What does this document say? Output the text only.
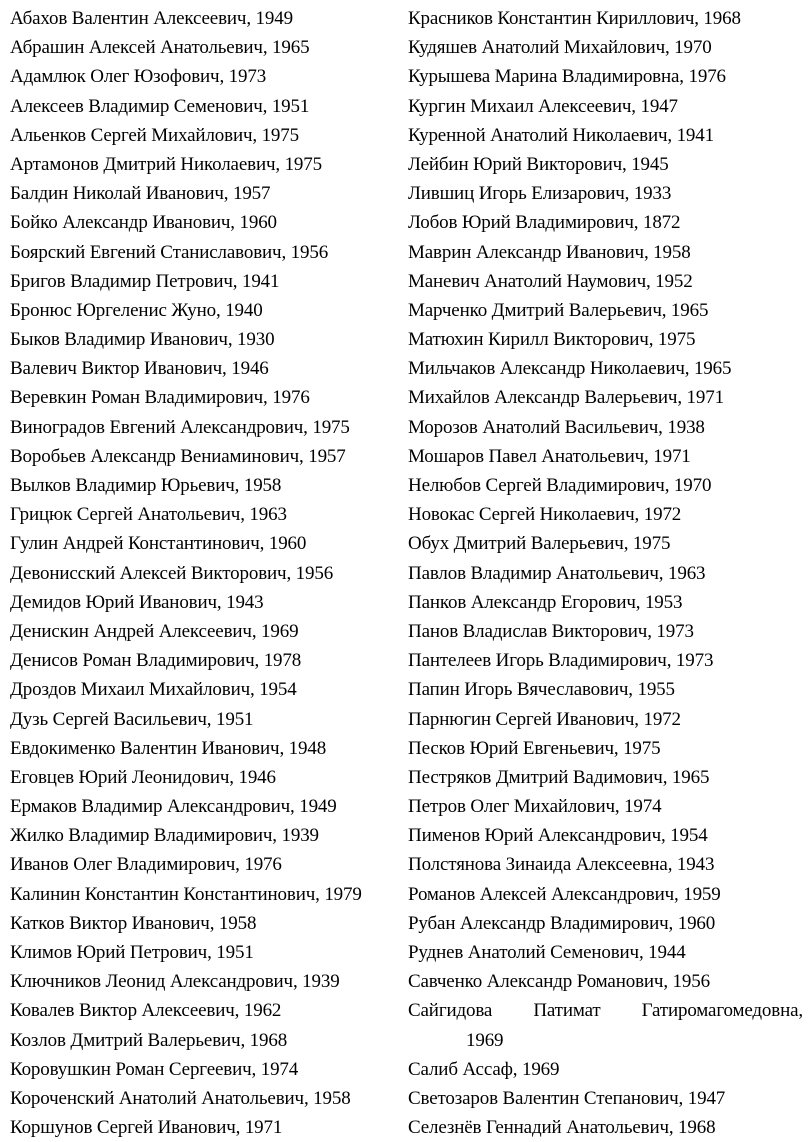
Абахов Валентин Алексеевич, 1949
Абрашин Алексей Анатольевич, 1965
Адамлюк Олег Юзофович, 1973
Алексеев Владимир Семенович, 1951
Альенков Сергей Михайлович, 1975
Артамонов Дмитрий Николаевич, 1975
Балдин Николай Иванович, 1957
Бойко Александр Иванович, 1960
Боярский Евгений Станиславович, 1956
Бригов Владимир Петрович, 1941
Бронюс Юргеленис Жуно, 1940
Быков Владимир Иванович, 1930
Валевич Виктор Иванович, 1946
Веревкин Роман Владимирович, 1976
Виноградов Евгений Александрович, 1975
Воробьев Александр Вениаминович, 1957
Вылков Владимир Юрьевич, 1958
Грицюк Сергей Анатольевич, 1963
Гулин Андрей Константинович, 1960
Девонисский Алексей Викторович, 1956
Демидов Юрий Иванович, 1943
Денискин Андрей Алексеевич, 1969
Денисов Роман Владимирович, 1978
Дроздов Михаил Михайлович, 1954
Дузь Сергей Васильевич, 1951
Евдокименко Валентин Иванович, 1948
Еговцев Юрий Леонидович, 1946
Ермаков Владимир Александрович, 1949
Жилко Владимир Владимирович, 1939
Иванов Олег Владимирович, 1976
Калинин Константин Константинович, 1979
Катков Виктор Иванович, 1958
Климов Юрий Петрович, 1951
Ключников Леонид Александрович, 1939
Ковалев Виктор Алексеевич, 1962
Козлов Дмитрий Валерьевич, 1968
Коровушкин Роман Сергеевич, 1974
Короченский Анатолий Анатольевич, 1958
Коршунов Сергей Иванович, 1971
Красников Константин Кириллович, 1968
Кудяшев Анатолий Михайлович, 1970
Курышева Марина Владимировна, 1976
Кургин Михаил Алексеевич, 1947
Куренной Анатолий Николаевич, 1941
Лейбин Юрий Викторович, 1945
Лившиц Игорь Елизарович, 1933
Лобов Юрий Владимирович, 1872
Маврин Александр Иванович, 1958
Маневич Анатолий Наумович, 1952
Марченко Дмитрий Валерьевич, 1965
Матюхин Кирилл Викторович, 1975
Мильчаков Александр Николаевич, 1965
Михайлов Александр Валерьевич, 1971
Морозов Анатолий Васильевич, 1938
Мошаров Павел Анатольевич, 1971
Нелюбов Сергей Владимирович, 1970
Новокас Сергей Николаевич, 1972
Обух Дмитрий Валерьевич, 1975
Павлов Владимир Анатольевич, 1963
Панков Александр Егорович, 1953
Панов Владислав Викторович, 1973
Пантелеев Игорь Владимирович, 1973
Папин Игорь Вячеславович, 1955
Парнюгин Сергей Иванович, 1972
Песков Юрий Евгеньевич, 1975
Пестряков Дмитрий Вадимович, 1965
Петров Олег Михайлович, 1974
Пименов Юрий Александрович, 1954
Полстянова Зинаида Алексеевна, 1943
Романов Алексей Александрович, 1959
Рубан Александр Владимирович, 1960
Руднев Анатолий Семенович, 1944
Савченко Александр Романович, 1956
Сайгидова Патимат Гатиромагомедовна,
1969
Салиб Ассаф, 1969
Светозаров Валентин Степанович, 1947
Селезнёв Геннадий Анатольевич, 1968
